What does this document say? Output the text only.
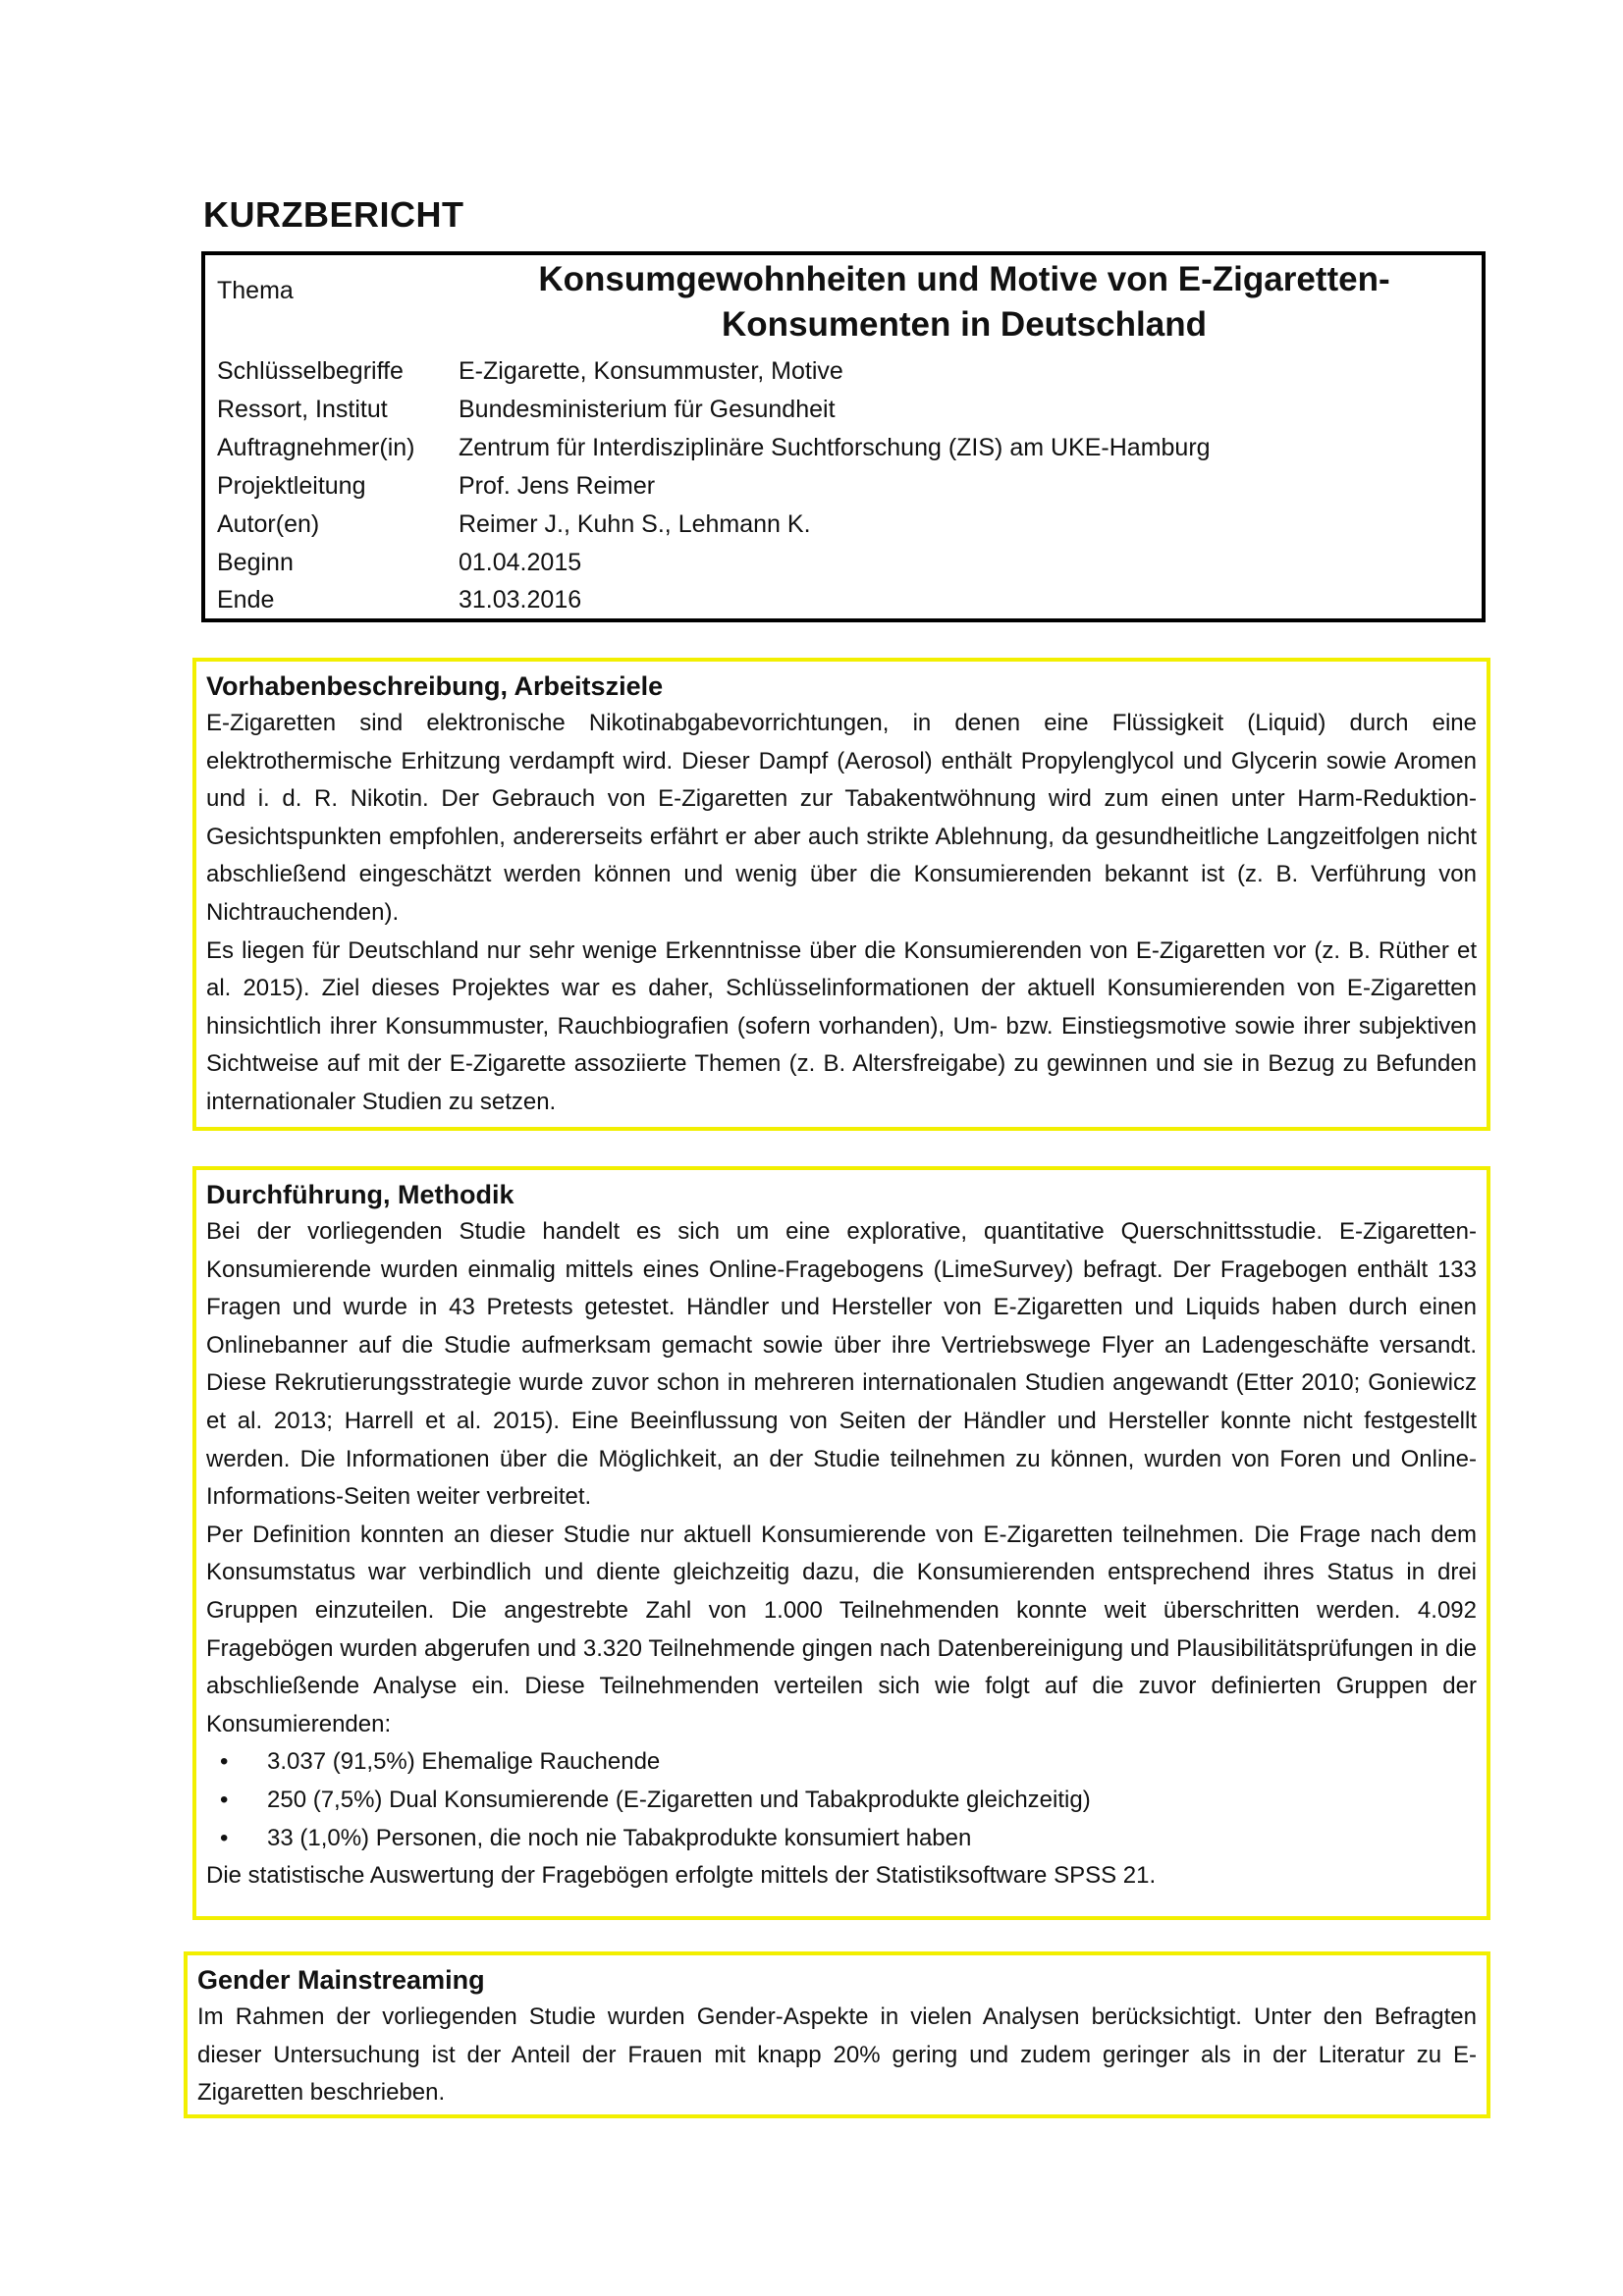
KURZBERICHT
Thema	Konsumgewohnheiten und Motive von E-Zigaretten-
Konsumenten in Deutschland
Schlüsselbegriffe E-Zigarette, Konsummuster, Motive
Ressort, Institut	Bundesministerium für Gesundheit
Auftragnehmer(in) Zentrum für Interdisziplinäre Suchtforschung (ZIS) am UKE-Hamburg
Projektleitung	Prof. Jens Reimer
Autor(en)	Reimer J., Kuhn S., Lehmann K.
Beginn	01.04.2015
Ende	31.03.2016

Vorhabenbeschreibung, Arbeitsziele

E-Zigaretten sind elektronische Nikotinabgabevorrichtungen, in denen eine Flüssigkeit (Liquid) durch eine elektrothermische Erhitzung verdampft wird. Dieser Dampf (Aerosol) enthält Propylenglycol und Glycerin sowie Aromen und i. d. R. Nikotin. Der Gebrauch von E-Zigaretten zur Tabakentwöhnung wird zum einen unter Harm-Reduktion-Gesichtspunkten empfohlen, andererseits erfährt er aber auch strikte Ablehnung, da gesundheitliche Langzeitfolgen nicht abschließend eingeschätzt werden können und wenig über die Konsumierenden bekannt ist (z. B. Verführung von Nichtrauchenden).

Es liegen für Deutschland nur sehr wenige Erkenntnisse über die Konsumierenden von E-Zigaretten vor (z. B. Rüther et al. 2015). Ziel dieses Projektes war es daher, Schlüsselinformationen der aktuell Konsumierenden von E-Zigaretten hinsichtlich ihrer Konsummuster, Rauchbiografien (sofern vorhanden), Um- bzw. Einstiegsmotive sowie ihrer subjektiven Sichtweise auf mit der E-Zigarette assoziierte Themen (z. B. Altersfreigabe) zu gewinnen und sie in Bezug zu Befunden internationaler Studien zu setzen.

Durchführung, Methodik

Bei der vorliegenden Studie handelt es sich um eine explorative, quantitative Querschnittsstudie. E-Zigaretten-Konsumierende wurden einmalig mittels eines Online-Fragebogens (LimeSurvey) befragt. Der Fragebogen enthält 133 Fragen und wurde in 43 Pretests getestet. Händler und Hersteller von E-Zigaretten und Liquids haben durch einen Onlinebanner auf die Studie aufmerksam gemacht sowie über ihre Vertriebswege Flyer an Ladengeschäfte versandt. Diese Rekrutierungsstrategie wurde zuvor schon in mehreren internationalen Studien angewandt (Etter 2010; Goniewicz et al. 2013; Harrell et al. 2015). Eine Beeinflussung von Seiten der Händler und Hersteller konnte nicht festgestellt werden. Die Informationen über die Möglichkeit, an der Studie teilnehmen zu können, wurden von Foren und Online-Informations-Seiten weiter verbreitet.

Per Definition konnten an dieser Studie nur aktuell Konsumierende von E-Zigaretten teilnehmen. Die Frage nach dem Konsumstatus war verbindlich und diente gleichzeitig dazu, die Konsumierenden entsprechend ihres Status in drei Gruppen einzuteilen. Die angestrebte Zahl von 1.000 Teilnehmenden konnte weit überschritten werden. 4.092 Fragebögen wurden abgerufen und 3.320 Teilnehmende gingen nach Datenbereinigung und Plausibilitätsprüfungen in die abschließende Analyse ein. Diese Teilnehmenden verteilen sich wie folgt auf die zuvor definierten Gruppen der Konsumierenden:

• 3.037 (91,5%) Ehemalige Rauchende
• 250 (7,5%) Dual Konsumierende (E-Zigaretten und Tabakprodukte gleichzeitig)
• 33 (1,0%) Personen, die noch nie Tabakprodukte konsumiert haben

Die statistische Auswertung der Fragebögen erfolgte mittels der Statistiksoftware SPSS 21.

Gender Mainstreaming

Im Rahmen der vorliegenden Studie wurden Gender-Aspekte in vielen Analysen berücksichtigt. Unter den Befragten dieser Untersuchung ist der Anteil der Frauen mit knapp 20% gering und zudem geringer als in der Literatur zu E-Zigaretten beschrieben.
